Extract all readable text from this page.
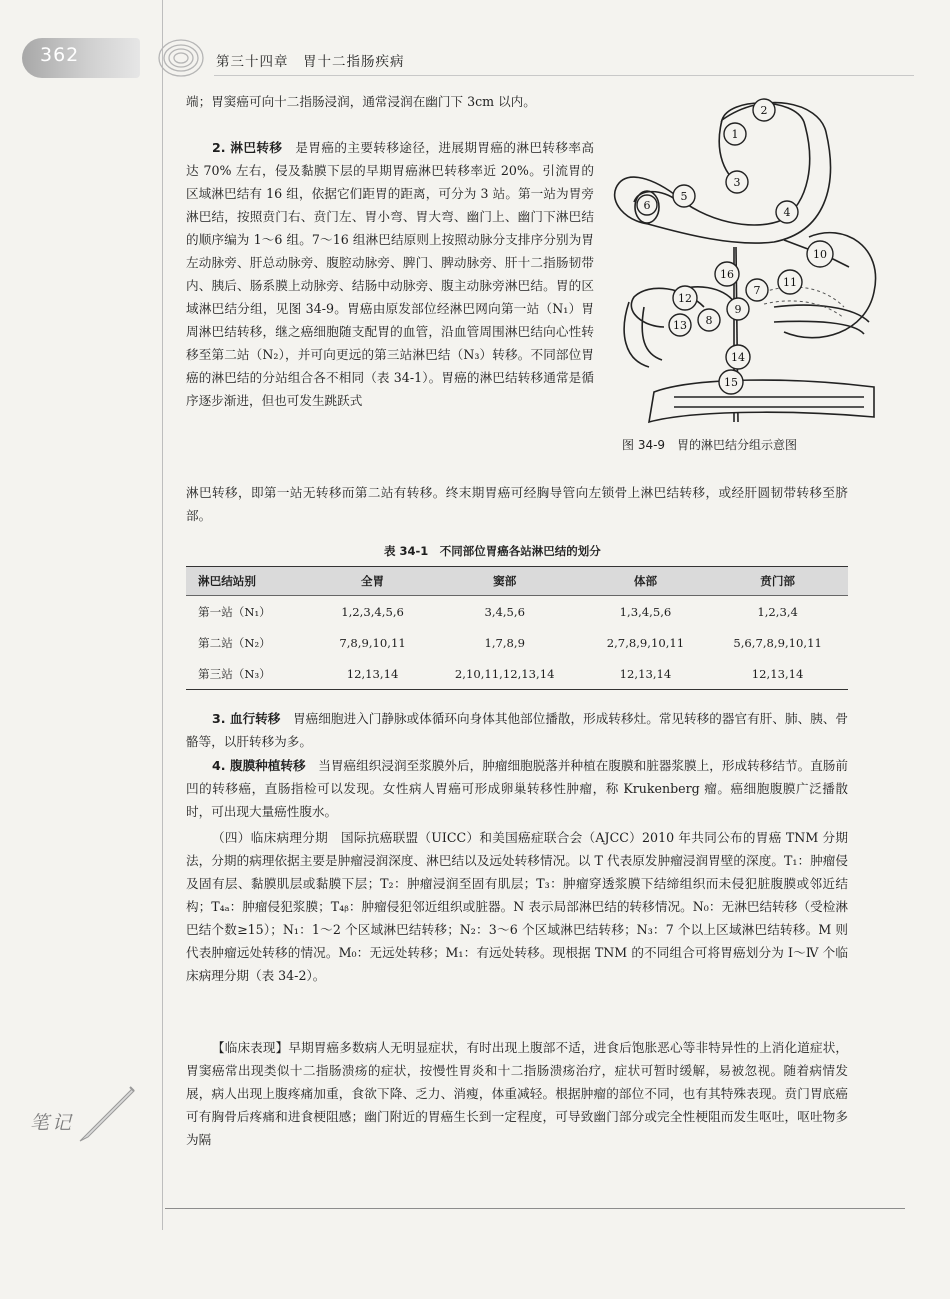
362	第三十四章　胃十二指肠疾病

端；胃窦癌可向十二指肠浸润，通常浸润在幽门下 3cm 以内。

2. 淋巴转移　 是胃癌的主要转移途径，进展期胃癌的淋巴转移率高达 70% 左右，侵及黏膜下层的早期胃癌淋巴转移率近 20%。引流胃的区域淋巴结有 16 组，依据它们距胃的距离，可分为 3 站。第一站为胃旁淋巴结，按照贲门右、贲门左、胃小弯、胃大弯、幽门上、幽门下淋巴结的顺序编为 1～6 组。7～16 组淋巴结原则上按照动脉分支排序分别为胃左动脉旁、肝总动脉旁、腹腔动脉旁、脾门、脾动脉旁、肝十二指肠韧带内、胰后、肠系膜上动脉旁、结肠中动脉旁、腹主动脉旁淋巴结。胃的区域淋巴结分组，见图 34-9。胃癌由原发部位经淋巴网向第一站（N₁）胃周淋巴结转移，继之癌细胞随支配胃的血管，沿血管周围淋巴结向心性转移至第二站（N₂），并可向更远的第三站淋巴结（N₃）转移。不同部位胃癌的淋巴结的分站组合各不相同（表 34-1）。胃癌的淋巴结转移通常是循序逐步渐进，但也可发生跳跃式

淋巴转移，即第一站无转移而第二站有转移。终末期胃癌可经胸导管向左锁骨上淋巴结转移，或经肝圆韧带转移至脐部。

1
2
3
4
5
6
7
8
9
10
11
12
13
14
15
16
图 34-9　胃的淋巴结分组示意图
表 34-1　不同部位胃癌各站淋巴结的划分
淋巴结站别	全胃	窦部	体部	贲门部
第一站（N₁）	1,2,3,4,5,6	3,4,5,6	1,3,4,5,6	1,2,3,4
第二站（N₂）	7,8,9,10,11	1,7,8,9	2,7,8,9,10,11	5,6,7,8,9,10,11
第三站（N₃）	12,13,14	2,10,11,12,13,14	12,13,14	12,13,14

3. 血行转移　 胃癌细胞进入门静脉或体循环向身体其他部位播散，形成转移灶。常见转移的器官有肝、肺、胰、骨骼等，以肝转移为多。

4. 腹膜种植转移　 当胃癌组织浸润至浆膜外后，肿瘤细胞脱落并种植在腹膜和脏器浆膜上，形成转移结节。直肠前凹的转移癌，直肠指检可以发现。女性病人胃癌可形成卵巢转移性肿瘤，称 Krukenberg 瘤。癌细胞腹膜广泛播散时，可出现大量癌性腹水。

（四）临床病理分期　 国际抗癌联盟（UICC）和美国癌症联合会（AJCC）2010 年共同公布的胃癌 TNM 分期法，分期的病理依据主要是肿瘤浸润深度、淋巴结以及远处转移情况。以 T 代表原发肿瘤浸润胃壁的深度。T₁：肿瘤侵及固有层、黏膜肌层或黏膜下层；T₂：肿瘤浸润至固有肌层；T₃：肿瘤穿透浆膜下结缔组织而未侵犯脏腹膜或邻近结构；T₄ₐ：肿瘤侵犯浆膜；T₄ᵦ：肿瘤侵犯邻近组织或脏器。N 表示局部淋巴结的转移情况。N₀：无淋巴结转移（受检淋巴结个数≥15）；N₁：1～2 个区域淋巴结转移；N₂：3～6 个区域淋巴结转移；N₃：7 个以上区域淋巴结转移。M 则代表肿瘤远处转移的情况。M₀：无远处转移；M₁：有远处转移。现根据 TNM 的不同组合可将胃癌划分为 Ⅰ～Ⅳ 个临床病理分期（表 34-2）。

【临床表现】早期胃癌多数病人无明显症状，有时出现上腹部不适，进食后饱胀恶心等非特异性的上消化道症状，胃窦癌常出现类似十二指肠溃疡的症状，按慢性胃炎和十二指肠溃疡治疗，症状可暂时缓解，易被忽视。随着病情发展，病人出现上腹疼痛加重，食欲下降、乏力、消瘦，体重减轻。根据肿瘤的部位不同，也有其特殊表现。贲门胃底癌可有胸骨后疼痛和进食梗阻感；幽门附近的胃癌生长到一定程度，可导致幽门部分或完全性梗阻而发生呕吐，呕吐物多为隔

笔记
